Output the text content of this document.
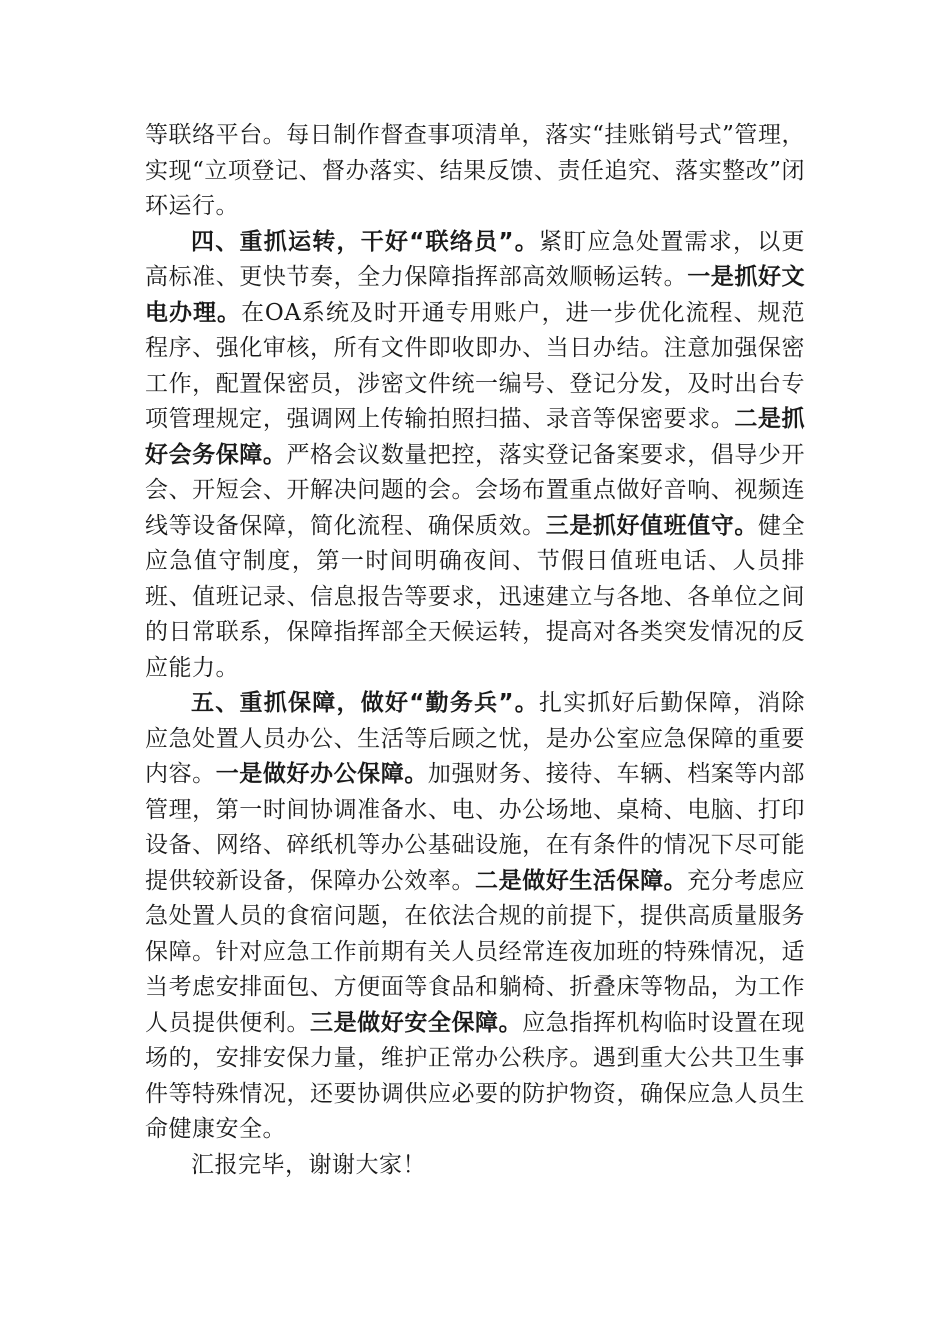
等联络平台。每日制作督查事项清单，落实“挂账销号式”管理，实现“立项登记、督办落实、结果反馈、责任追究、落实整改”闭环运行。

四、重抓运转，干好“联络员”。紧盯应急处置需求，以更高标准、更快节奏，全力保障指挥部高效顺畅运转。一是抓好文电办理。在OA系统及时开通专用账户，进一步优化流程、规范程序、强化审核，所有文件即收即办、当日办结。注意加强保密工作，配置保密员，涉密文件统一编号、登记分发，及时出台专项管理规定，强调网上传输拍照扫描、录音等保密要求。二是抓好会务保障。严格会议数量把控，落实登记备案要求，倡导少开会、开短会、开解决问题的会。会场布置重点做好音响、视频连线等设备保障，简化流程、确保质效。三是抓好值班值守。健全应急值守制度，第一时间明确夜间、节假日值班电话、人员排班、值班记录、信息报告等要求，迅速建立与各地、各单位之间的日常联系，保障指挥部全天候运转，提高对各类突发情况的反应能力。

五、重抓保障，做好“勤务兵”。扎实抓好后勤保障，消除应急处置人员办公、生活等后顾之忧，是办公室应急保障的重要内容。一是做好办公保障。加强财务、接待、车辆、档案等内部管理，第一时间协调准备水、电、办公场地、桌椅、电脑、打印设备、网络、碎纸机等办公基础设施，在有条件的情况下尽可能提供较新设备，保障办公效率。二是做好生活保障。充分考虑应急处置人员的食宿问题，在依法合规的前提下，提供高质量服务保障。针对应急工作前期有关人员经常连夜加班的特殊情况，适当考虑安排面包、方便面等食品和躺椅、折叠床等物品，为工作人员提供便利。三是做好安全保障。应急指挥机构临时设置在现场的，安排安保力量，维护正常办公秩序。遇到重大公共卫生事件等特殊情况，还要协调供应必要的防护物资，确保应急人员生命健康安全。

汇报完毕，谢谢大家！
